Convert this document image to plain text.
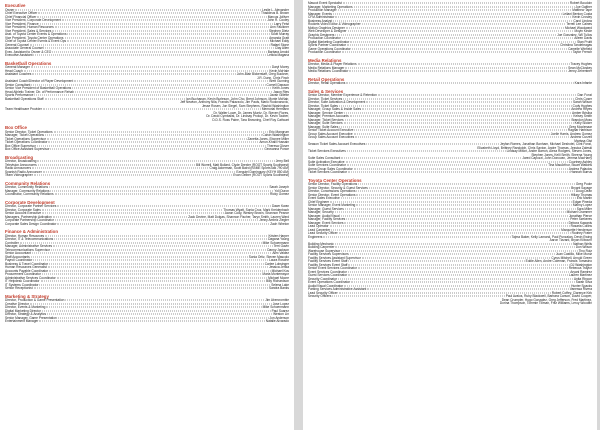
Executive
Owner	Leslie L. Alexander
Chief Executive Officer	Thaddeus B. Brown
Chief Financial Officer	Marcus Jolliver
Vice President, Corporate Development	John R. Cooley
Vice President, Finance	Larry Feist
Vice President, Human Resources	Ann Faulkner
Vice President, Sales & Services	Stephen Dietz
Asst. of Toyota Center Events & Operations	Scott Murray
Vice President, Toyota Center Operations	Amanda Gratt
Chief of Toyota Center Events & Event Ops	Michael Eddy
General Counsel	Rafael Stone
Associate General Counsel	Clay Allen
Exec. Assistant to Owner & CEO	Barbara Arnold
Executive Assistant	Leticia Magana
Basketball Operations
General Manager	Daryl Morey
Head Coach	Kevin McHale
Assistant Coaches	John-Blair Bickerstaff, Greg Buckner,
J.R. Dunn, Chris Finch
Assistant Coach/Director of Player Development	Brett Gunning
Senior Consultant	Cornell Dawson
Senior Vice President of Basketball Operations	Keith Jones
Head Athletic Trainer, Dir. of Performance Rehab	Jason Ries
Sports Performance	Javair Gillette
Basketball Operations Staff	Ian Buchanan, Kevin Burleson, John Cho, Brent Johnson, Monte McNair,
Jeff Newton, Anthony Nila, Francis Palazzolo, Jim Pauls, Mario Rodovanovic,
Jesse Rosen, Jon Siegel, Sam Stephens, Rashid Washington
Team Healthcare Provider	Memorial Hermann
Dr. Walter Lowe, Dr. James Muntz, Dr. Steven Flores,
Dr. David Cymbalist, Dr. Lindsay Prokop, Dr. Kevin Tauber,
D.D.S. Russ Paine, Tara Browning, Chef Roy Cathcart
Box Office
Senior Director, Ticket Operations	Eric Mangrum
Manager, Ticket Operations	Calvin Washington
Ticket Operations Supervisor	Zanetta Jones, Ebonee Miller
Ticket Operations Coordinator	Amun-Khalil Hussain
Box Office Supervisor	Theresa Glover
Box Office Assistant Supervisor	Geovanna Ponce
Broadcasting
Director, Broadcasting	Jerry Bell
Television Announcers	Bill Worrell, Matt Bullard, Clyde Drexler (ROOT Sports Southwest)
Radio Announcers	Craig Ackerman, Scott Baird (KBME SportsTalk 790 AM)
Spanish Radio Announcer	Ezequiel Dominguez (KEYH 850 AM)
Team Videographer	Evan Gelber (ROOT Sports Southwest)
Community Relations
Director, Community Relations	Sarah Joseph
Manager, Community Relations	Yoli Duron
Coordinator, Community Relations	Ricky Gomez
Corporate Development
Director, Corporate Partner Services	Dawn Kwan
Director, Corporate Sales	Thomas Wyatt, Sonia Cruz, Mark Kreidenbach
Senior Account Executive	Aaron Cody, Wesley Brown, Shannon Pearce
Managers, Partnership Activation	Zack Devine, Matt Dolgas, Shannon Fischer, Taryn Smith, Lauren Ward
Corporate Partnership Coordinator	Jenny Ambriz Ziegler
Corporate Sales Design Coordinator	Zach Whelon
Finance & Administration
Director, Human Resources	Kristen Harper
Director, IT & Telecommunications	Dagana Young
Controller	Mike Schoenmann
Manager, Administrative Services	Terri Gavin
Telecommunications Supervisor	Danny Jackson
Senior Accountant	Alex Valdez
Staff Accountants	Sonia Ortiz, Steven Mascolo
Payroll Coordinator	Laura Rosche
Business & Travel Coordinator	Carlee Lobsinger
Human Resources Generalist	Jessica Jenka
Accounts Payable Coordinator	Michael Kos
Procurement Coordinator	Maria Montemayor
Administrative Services Coordinator	Michael Moore
IT Helpdesk Coordinator	Billy Richardson
IT Systems Coordinator	Selena Lake
Senior Receptionist	Sandra Banks
Marketing & Strategy
Director, Production & Game Presentation	Jim Abercrombie
Creative Director	Jose Lopez
Director, Events & Marketing	Mike Schoenmann
Digital Marketing Director	Paul Suarez
Director, Strategy & Analytics	Weston Lin
Senior Manager, Game Presentation	Jon Anderson
Entertainment Manager	Natalie Alvarado
Mascot Event Specialist	Robert Boudoin
Manager, Marketing Operations	Joe Gaither
Production Manager	Matthew Tape
Manager, Events	Leilani Benton Costa
CFM Administrator	Kevin Crosley
Business Analyst	Carol Lindow
Rockets Video Editor & Videographer	Terrell Lee Caines
Motion Graphics Designer	Michael Woodward
Web Developer & Designer	Moyin Kinde
Graphic Designers	Joe Gonzalez, Wil Tullos
Production Coordinator	Aileen Davis
Digital Marketing Coordinator	Stan Pruitt
Sports Partner Coordinator	Christina Tandebragas
Game Operations Coordinator	Camelle Winfield
Production Coordinator	Taylor French
Media Relations
Director, Media & Player Relations	Tracey Hughes
Media Relations Manager	Sean McCloskey
Media Relations Coordinator	Jenny Zehentner
Retail Operations
Director, Retail Operations	Kara Infante
Sales & Services
Senior Director, Member Experience & Retention	Dan Fonzi
Director, Ticket Services	Chris Coser
Director, Suite Activation & Development	Sarah Wilson
Director, Ticket Sales	Cody Hughes
Manager, Group Sales & Inside Sales	Andrew Reyes
Manager, Service Center	Amber Brisiba
Manager, Premium Accounts	Kelsey Smith
Manager, Ticket Services	Brandon Moss
Manager, Suite Services	Kelly Slicker
Manager, Suite Sales	Greg Moolenaar
Senior Ticket Account Executive	Ragnar Harbison
Group Sales Account Executive	Joelle Harris, Andrew Gomez
Group Sales Account Executives	Andrew Curzell
Marissa Gist
Season Ticket Sales Account Executives	Jeyfan Romes, Jonathan Bonham, Michael Deshotel, Clint Fonzi,
Elizabeth Lloyd, Brittney Randolph, Chris Saxton, Andre Thomas, Jessica Zaleski
Ticket Services Executives	Lindsay Mixon, Andre Barron, Alexa Rodgers, Steven Jones,
Stephen Jones, Kelli Smith, Sheena Young
Suite Sales Consultant	Jared Capozzi, John Donovan, Jemma MacHarry
Suite Activation Executive	Courtney Ashley
Suite Services Coordinator	Tina MacArthur, Stuart Watkins
Arena Group Sales Coordinator	Andrea Palacios
Ticket Services Coordinator	Hannah Burrus
Toyota Center Operations
Senior Director, Facility Operations	Greg Poole
Senior Director, Security & Guest Services	Bryant Savage
Director, Concessions Operations	Doug Dean
Senior Director, Event Operations	Hillary Thomas
Event Sales Executive	Eric Martin
Chief Engineer	Edgar Pineda
Senior Manager, Event Marketing	Manny Lopez
Manager, Guest Services	Sara Miller
Manager, Security	Michael Grammer
Manager, Audio/Visual	Jonathan Pierce
Manager, Facility Services	Peter Szekeres
Manager, Event Services	Debora Kawanis
Lead Operator	Rosaria Collins
Lead Carpenter	Marquette Henderson
Lead Security Officer	Rodney Frater
Engineers	Tajma Baker, Kelly Lamond, Paul Punzalan, Devin Ewing
Aaron Tizzard, Bryan Kilbourn
Building Mechanic	Nathan Wells
Building Carpenter	Don Wilson
Warehouse Supervisor	Tino Ruiz
Facility Services Supervisors	Juan Castillo, Mike Muniz
Facility Services Assistant Supervisor	Cyrus Mitchell, Arnold Green
Facility Services Event Staff	Eddie Allen, Andre Coleman, Francis Tomasino
Facility Services Event Staff	DJ Washington
Senior Event Services Coordinator	Rebecca Traylor
Event Services Coordinator	Aryani Ramirez
Guest Services Coordinator	Lauren Martinez
Security Coordinator	Anita Rincon
Event Operations Coordinator	Sarah Silva
Audio/Visual Coordinator	Hunter Spacks
Parking Services Administrative Assistant	Vanessa Rivera
Lead Security Officer	Robert Coffey, Clarence Kirk
Security Officers	Paul Avalos, Ruby Blackwell, Barbara Carson, David Cooper,
Dean Crumpler, Hugo Gonzalez, Greg Jefferson, Fred Martinez,
Dorina Thompson, Tommie Tillman, Fritz Williams, Leroy Woodfin
